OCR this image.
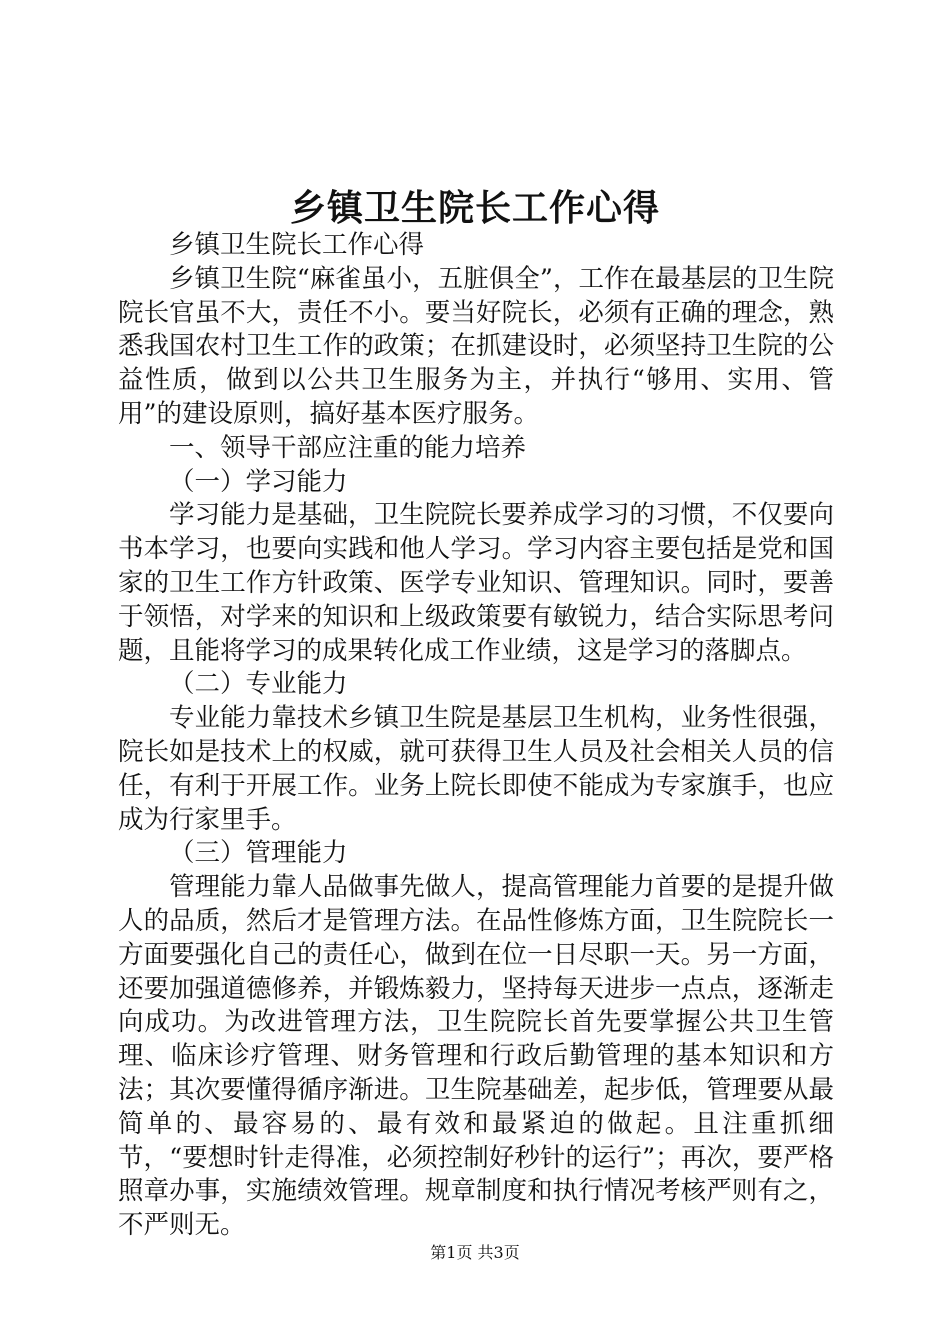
乡镇卫生院长工作心得

乡镇卫生院长工作心得

乡镇卫生院“麻雀虽小，五脏俱全”，工作在最基层的卫生院院长官虽不大，责任不小。要当好院长，必须有正确的理念，熟悉我国农村卫生工作的政策；在抓建设时，必须坚持卫生院的公益性质，做到以公共卫生服务为主，并执行“够用、实用、管用”的建设原则，搞好基本医疗服务。

一、领导干部应注重的能力培养

（一）学习能力

学习能力是基础，卫生院院长要养成学习的习惯，不仅要向书本学习，也要向实践和他人学习。学习内容主要包括是党和国家的卫生工作方针政策、医学专业知识、管理知识。同时，要善于领悟，对学来的知识和上级政策要有敏锐力，结合实际思考问题，且能将学习的成果转化成工作业绩，这是学习的落脚点。

（二）专业能力

专业能力靠技术乡镇卫生院是基层卫生机构，业务性很强，院长如是技术上的权威，就可获得卫生人员及社会相关人员的信任，有利于开展工作。业务上院长即使不能成为专家旗手，也应成为行家里手。

（三）管理能力

管理能力靠人品做事先做人，提高管理能力首要的是提升做人的品质，然后才是管理方法。在品性修炼方面，卫生院院长一方面要强化自己的责任心，做到在位一日尽职一天。另一方面，还要加强道德修养，并锻炼毅力，坚持每天进步一点点，逐渐走向成功。为改进管理方法，卫生院院长首先要掌握公共卫生管理、临床诊疗管理、财务管理和行政后勤管理的基本知识和方法；其次要懂得循序渐进。卫生院基础差，起步低，管理要从最简单的、最容易的、最有效和最紧迫的做起。且注重抓细节，“要想时针走得准，必须控制好秒针的运行”；再次，要严格照章办事，实施绩效管理。规章制度和执行情况考核严则有之，不严则无。

第1页 共3页
